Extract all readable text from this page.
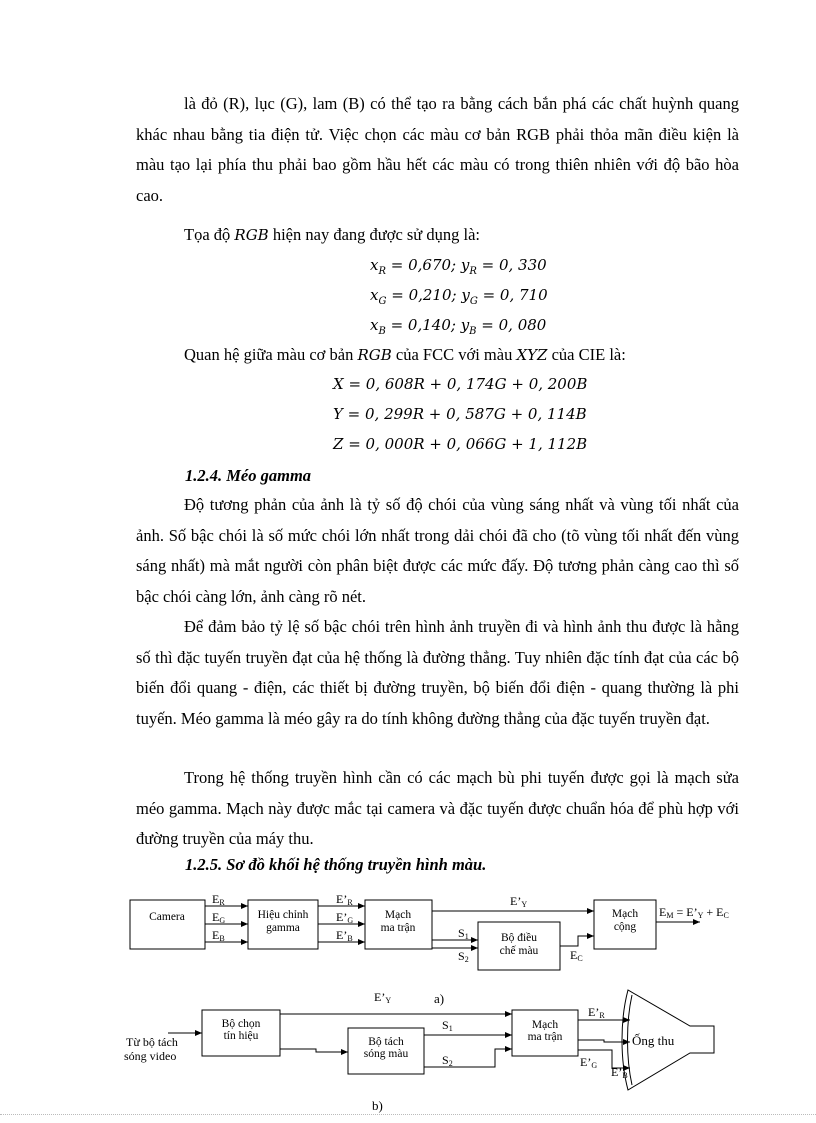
là đỏ (R), lục (G), lam (B) có thể tạo ra bằng cách bắn phá các chất huỳnh quang khác nhau bằng tia điện tử. Việc chọn các màu cơ bản RGB phải thỏa mãn điều kiện là màu tạo lại phía thu phải bao gồm hầu hết các màu có trong thiên nhiên với độ bão hòa cao.
Tọa độ RGB hiện nay đang được sử dụng là:
$x_R = 0,670$; $y_R = 0$, 330
$x_G = 0,210$; $y_G = 0$, 710
$x_B = 0,140$; $y_B = 0$, 080
Quan hệ giữa màu cơ bản RGB của FCC với màu XYZ của CIE là:
X = 0, 608R + 0, 174G + 0, 200B
Y = 0, 299R + 0, 587G + 0, 114B
Z = 0, 000R + 0, 066G + 1, 112B
1.2.4. Méo gamma
Độ tương phản của ảnh là tỷ số độ chói của vùng sáng nhất và vùng tối nhất của ảnh. Số bậc chói là số mức chói lớn nhất trong dải chói đã cho (tõ vùng tối nhất đến vùng sáng nhất) mà mắt người còn phân biệt được các mức đấy. Độ tương phản càng cao thì số bậc chói càng lớn, ảnh càng rõ nét.
Để đảm bảo tỷ lệ số bậc chói trên hình ảnh truyền đi và hình ảnh thu được là hằng số thì đặc tuyến truyền đạt của hệ thống là đường thẳng. Tuy nhiên đặc tính đạt của các bộ biến đổi quang - điện, các thiết bị đường truyền, bộ biến đổi điện - quang thường là phi tuyến. Méo gamma là méo gây ra do tính không đường thẳng của đặc tuyến truyền đạt.
Trong hệ thống truyền hình cần có các mạch bù phi tuyến được gọi là mạch sửa méo gamma. Mạch này được mắc tại camera và đặc tuyến được chuẩn hóa để phù hợp với đường truyền của máy thu.
1.2.5. Sơ đồ khối hệ thống truyền hình màu.
Camera	Hiệu chỉnh
gamma
Mạch
ma trận
Bộ điều
chế màu
Mạch
cộng
ER
EG
EB
E’R
E’G
E’B
E’Y
S1
S2	EC
EM = E’Y + EC
a)
Bộ chọn
tín hiệu	Bộ tách
sóng màu
Mạch
ma trận
Từ bộ tách
sóng video
E’Y
S1
S2
E’R
E’G E’B
Ống thu
b)
